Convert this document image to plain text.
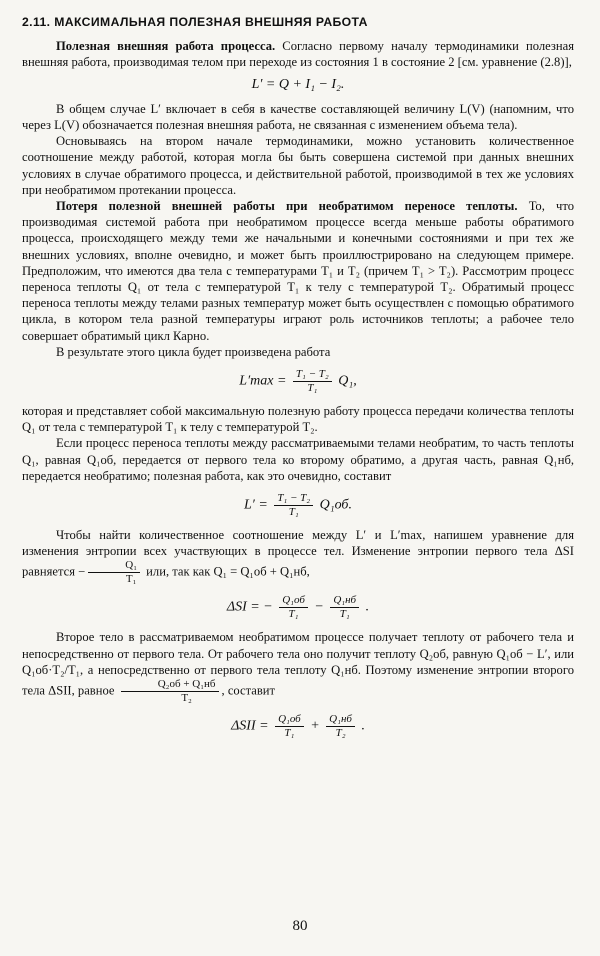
2.11. МАКСИМАЛЬНАЯ ПОЛЕЗНАЯ ВНЕШНЯЯ РАБОТА

Полезная внешняя работа процесса. Согласно первому началу термодинамики полезная внешняя работа, производимая телом при переходе из состояния 1 в состояние 2 [см. уравнение (2.8)],

L′ = Q + I₁ − I₂.

В общем случае L′ включает в себя в качестве составляющей величину L(V) (напомним, что через L(V) обозначается полезная внешняя работа, не связанная с изменением объема тела).

Основываясь на втором начале термодинамики, можно установить количественное соотношение между работой, которая могла бы быть совершена системой при данных внешних условиях в случае обратимого процесса, и действительной работой, производимой в тех же условиях при необратимом протекании процесса.

Потеря полезной внешней работы при необратимом переносе теплоты. То, что производимая системой работа при необратимом процессе всегда меньше работы обратимого процесса, происходящего между теми же начальными и конечными состояниями и при тех же внешних условиях, вполне очевидно, и может быть проиллюстрировано на следующем примере. Предположим, что имеются два тела с температурами T₁ и T₂ (причем T₁ > T₂). Рассмотрим процесс переноса теплоты Q₁ от тела с температурой T₁ к телу с температурой T₂. Обратимый процесс переноса теплоты между телами разных температур может быть осуществлен с помощью обратимого цикла, в котором тела разной температуры играют роль источников теплоты; а рабочее тело совершает обратимый цикл Карно.

В результате этого цикла будет произведена работа

$L'\max = \frac{\text{T₁ − T₂}}{\text{T₁}} Q_1$,

которая и представляет собой максимальную полезную работу процесса передачи количества теплоты Q₁ от тела с температурой T₁ к телу с температурой T₂.

Если процесс переноса теплоты между рассматриваемыми телами необратим, то часть теплоты Q₁, равная Q₁об, передается от первого тела ко второму обратимо, а другая часть, равная Q₁нб, передается необратимо; полезная работа, как это очевидно, составит

$L' = \frac{\text{T₁ − T₂}}{\text{T₁}} Q_1об$.

Чтобы найти количественное соотношение между L′ и L′max, напишем уравнение для изменения энтропии всех участвующих в процессе тел. Изменение энтропии первого тела ΔSI равняется − $\frac{\text{Q₁}}{\text{T₁}}$ или, так как Q₁ = Q₁об + Q₁нб,

ΔSI = − $\frac{\text{Q₁об}}{\text{T₁}} - \frac{\text{Q₁нб}}{\text{T₁}}$ .

Второе тело в рассматриваемом необратимом процессе получает теплоту от рабочего тела и непосредственно от первого тела. От рабочего тела оно получит теплоту Q₂об, равную Q₁об − L′, или Q₁об·T₂/T₁, а непосредственно от первого тела теплоту Q₁нб. Поэтому изменение энтропии второго тела ΔSII, равное $\frac{\text{Q₂об + Q₁нб}}{\text{T₂}}$ , составит

$\Delta SII = \frac{\text{Q₁об}}{\text{T₁}} + \frac{\text{Q₁нб}}{\text{T₂}}$ .
80
